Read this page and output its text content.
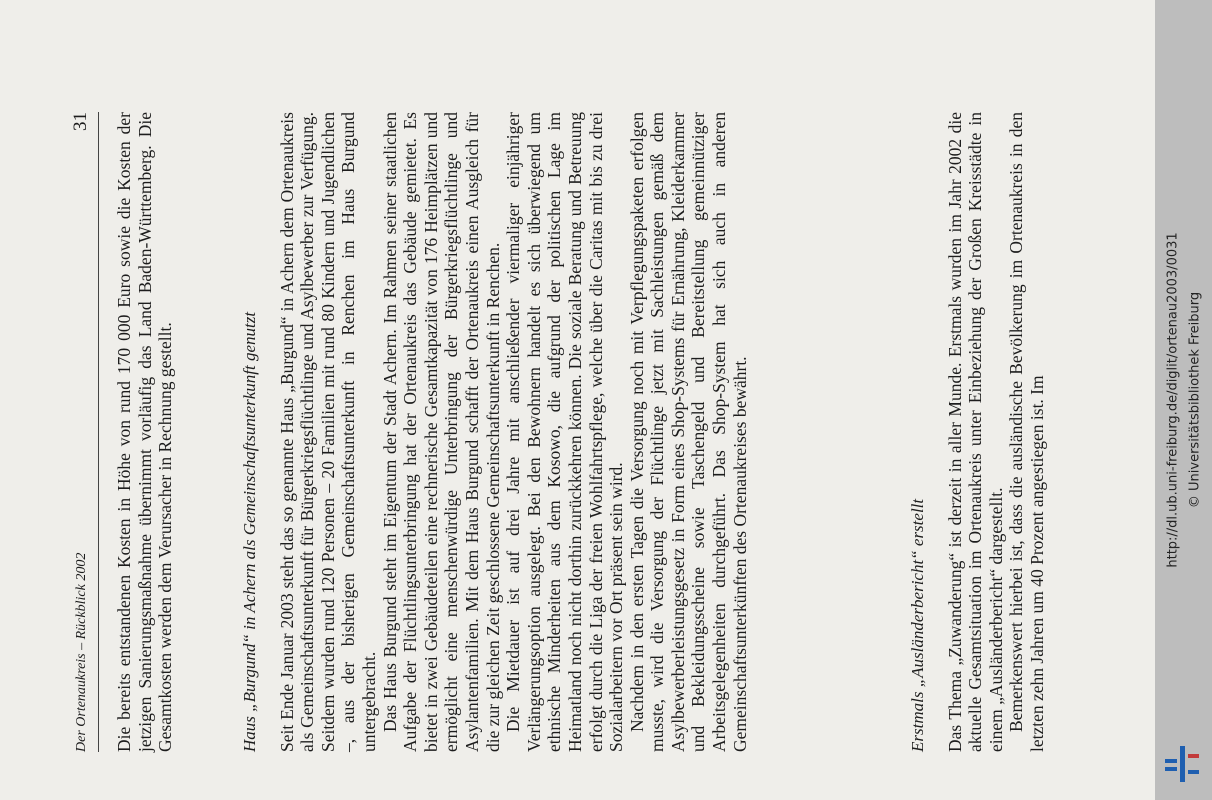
Der Ortenaukreis – Rückblick 2002
31 Die bereits entstandenen Kosten in Höhe von rund 170 000 Euro sowie die Kosten der jetzigen Sanierungsmaßnahme übernimmt vorläufig das Land Baden-Württemberg. Die Gesamtkosten werden dem Verursacher in Rechnung gestellt.	Haus „Burgund“ in Achern als Gemeinschaftsunterkunft genutzt Seit Ende Januar 2003 steht das so genannte Haus „Burgund“ in Achern dem Ortenaukreis als Gemeinschaftsunterkunft für Bürgerkriegsflüchtlinge und Asylbewerber zur Verfügung. Seitdem wurden rund 120 Personen – 20 Familien mit rund 80 Kindern und Jugendlichen –, aus der bisherigen Gemeinschaftsunterkunft in Renchen im Haus Burgund untergebracht. Das Haus Burgund steht im Eigentum der Stadt Achern. Im Rahmen seiner staatlichen Aufgabe der Flüchtlingsunterbringung hat der Ortenaukreis das Gebäude gemietet. Es bietet in zwei Gebäudeteilen eine rechnerische Gesamtkapazität von 176 Heimplätzen und ermöglicht eine menschenwürdige Unterbringung der Bürgerkriegsflüchtlinge und Asylantenfamilien. Mit dem Haus Burgund schafft der Ortenaukreis einen Ausgleich für die zur gleichen Zeit geschlossene Gemeinschaftsunterkunft in Renchen. Die Mietdauer ist auf drei Jahre mit anschließender viermaliger einjähriger Verlängerungsoption ausgelegt. Bei den Bewohnern handelt es sich überwiegend um ethnische Minderheiten aus dem Kosowo, die aufgrund der politischen Lage im Heimatland noch nicht dorthin zurückkehren können. Die soziale Beratung und Betreuung erfolgt durch die Liga der freien Wohlfahrtspflege, welche über die Caritas mit bis zu drei Sozialarbeitern vor Ort präsent sein wird. Nachdem in den ersten Tagen die Versorgung noch mit Verpflegungspaketen erfolgen musste, wird die Versorgung der Flüchtlinge jetzt mit Sachleistungen gemäß dem Asylbewerberleistungsgesetz in Form eines Shop-Systems für Ernährung, Kleiderkammer und Bekleidungsscheine sowie Taschengeld und Bereitstellung gemeinnütziger Arbeitsgelegenheiten durchgeführt. Das Shop-System hat sich auch in anderen Gemeinschaftsunterkünften des Ortenaukreises bewährt.	Erstmals „Ausländerbericht“ erstellt Das Thema „Zuwanderung“ ist derzeit in aller Munde. Erstmals wurden im Jahr 2002 die aktuelle Gesamtsituation im Ortenaukreis unter Einbeziehung der Großen Kreisstädte in einem „Ausländerbericht“ dargestellt. Bemerkenswert hierbei ist, dass die ausländische Bevölkerung im Ortenaukreis in den letzten zehn Jahren um 40 Prozent angestiegen ist. Im	http://dl.ub.uni-freiburg.de/diglit/ortenau2003/0031 © Universitätsbibliothek Freiburg
